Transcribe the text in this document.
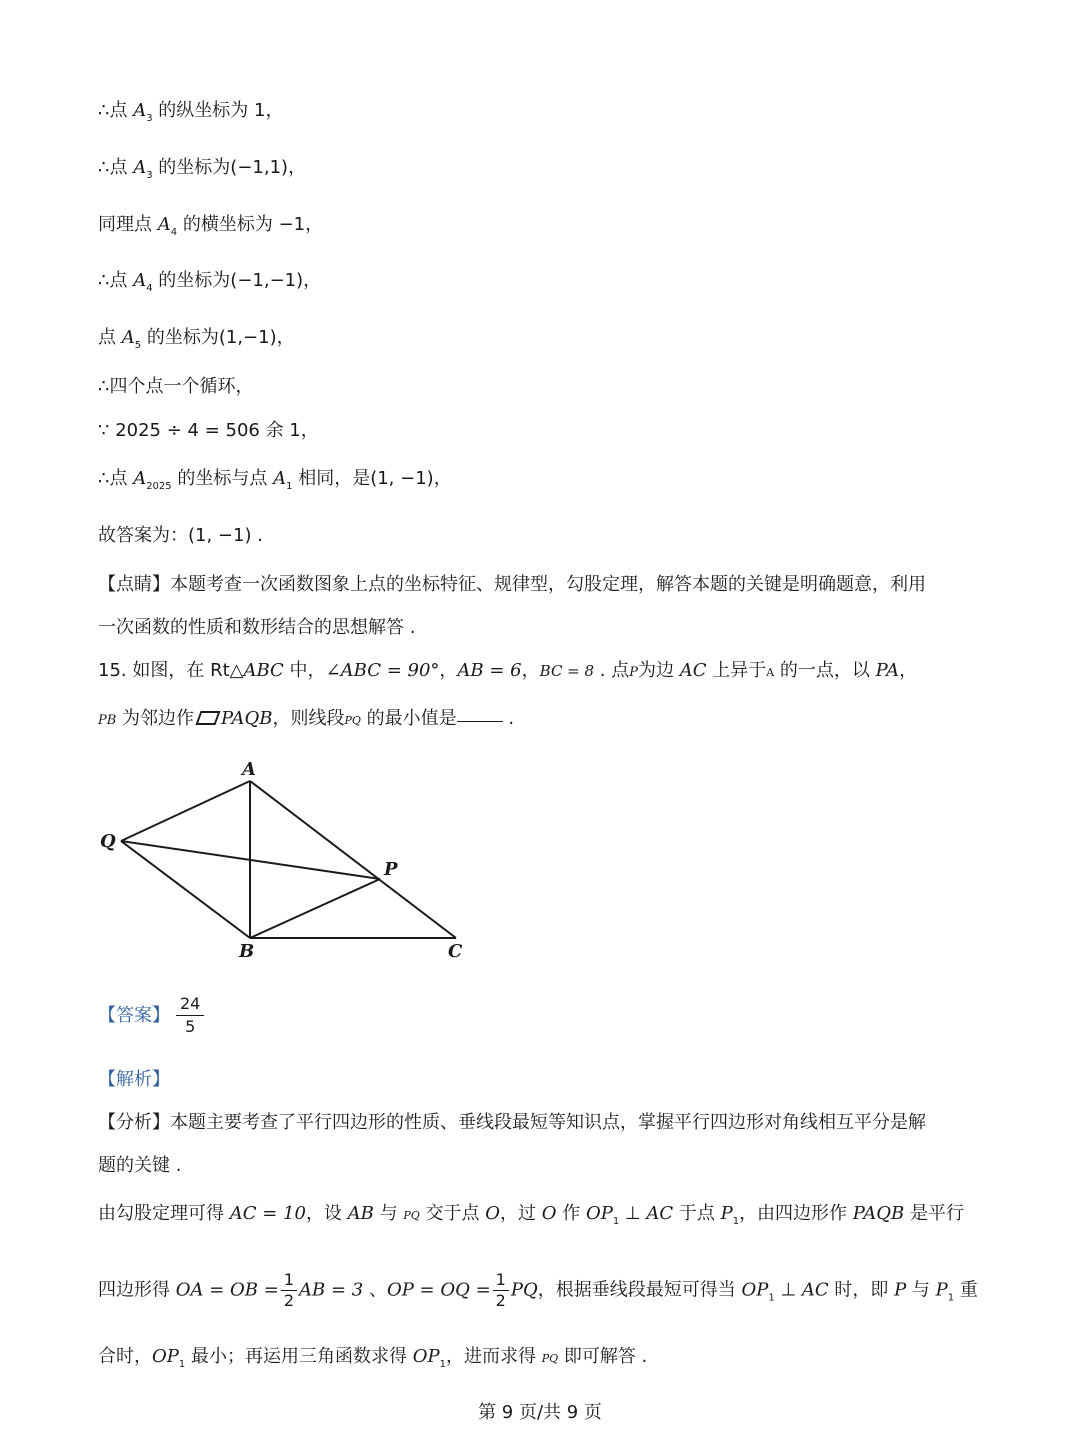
∴点 $A_3$ 的纵坐标为 1，
∴点 $A_3$ 的坐标为(−1,1)，
同理点 $A_4$ 的横坐标为 −1，
∴点 $A_4$ 的坐标为(−1,−1)，
点 $A_5$ 的坐标为(1,−1)，
∴四个点一个循环，
∵ 2025 ÷ 4 = 506 余 1，
∴点 $A_{2025}$ 的坐标与点 $A_1$ 相同，是(1, −1)，
故答案为：(1, −1) .
【点睛】本题考查一次函数图象上点的坐标特征、规律型，勾股定理，解答本题的关键是明确题意，利用
一次函数的性质和数形结合的思想解答 .
15. 如图，在 Rt△ABC 中，∠ABC = 90°，AB = 6，BC = 8 . 点P为边 AC 上异于A 的一点，以 PA，
PB 为邻边作 PAQB，则线段PQ 的最小值是	.
A
Q
P
B	C
【答案】 $\frac{24}{5}$
【解析】
【分析】本题主要考查了平行四边形的性质、垂线段最短等知识点，掌握平行四边形对角线相互平分是解
题的关键 .
由勾股定理可得 AC = 10，设 AB 与 PQ 交于点 O，过 O 作 $OP_1$ ⊥ AC 于点 $P_1$，由四边形作 PAQB 是平行
四边形得 OA = OB = $\frac{1}{2}$ AB = 3 、OP = OQ = $\frac{1}{2}$ PQ，根据垂线段最短可得当 $OP_1$ ⊥ AC 时，即 P 与 $P_1$ 重
合时，$OP_1$ 最小；再运用三角函数求得 $OP_1$，进而求得 PQ 即可解答 .
第 9 页/共 9 页
